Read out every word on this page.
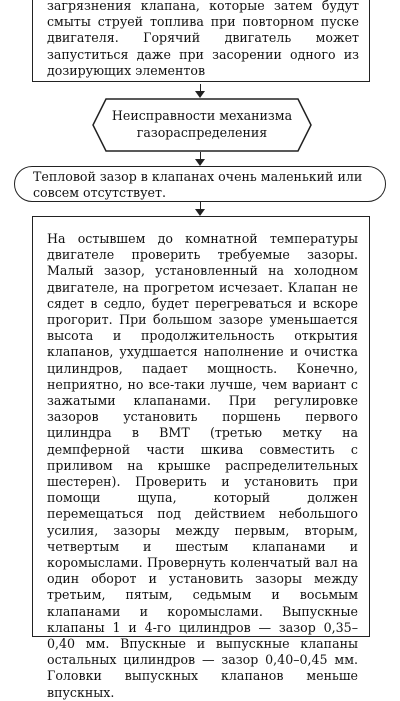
загрязнения клапана, которые затем будут смыты струей топлива при повторном пуске двигателя. Горячий двигатель может запуститься даже при засорении одного из дозирующих элементов

Неисправности механизма газораспределения

Тепловой зазор в клапанах очень маленький или совсем отсутствует.

На остывшем до комнатной температуры двигателе проверить требуемые зазоры. Малый зазор, установленный на холодном двигателе, на прогретом исчезает. Клапан не сядет в седло, будет перегреваться и вскоре прогорит. При большом зазоре уменьшается высота и продолжительность открытия клапанов, ухудшается наполнение и очистка цилиндров, падает мощность. Конечно, неприятно, но все-таки лучше, чем вариант с зажатыми клапанами. При регулировке зазоров установить поршень первого цилиндра в ВМТ (третью метку на демпферной части шкива совместить с приливом на крышке распределительных шестерен). Проверить и установить при помощи щупа, который должен перемещаться под действием небольшого усилия, зазоры между первым, вторым, четвертым и шестым клапанами и коромыслами. Провернуть коленчатый вал на один оборот и установить зазоры между третьим, пятым, седьмым и восьмым клапанами и коромыслами. Выпускные клапаны 1 и 4-го цилиндров — зазор 0,35–0,40 мм. Впускные и выпускные клапаны остальных цилиндров — зазор 0,40–0,45 мм. Головки выпускных клапанов меньше впускных.
